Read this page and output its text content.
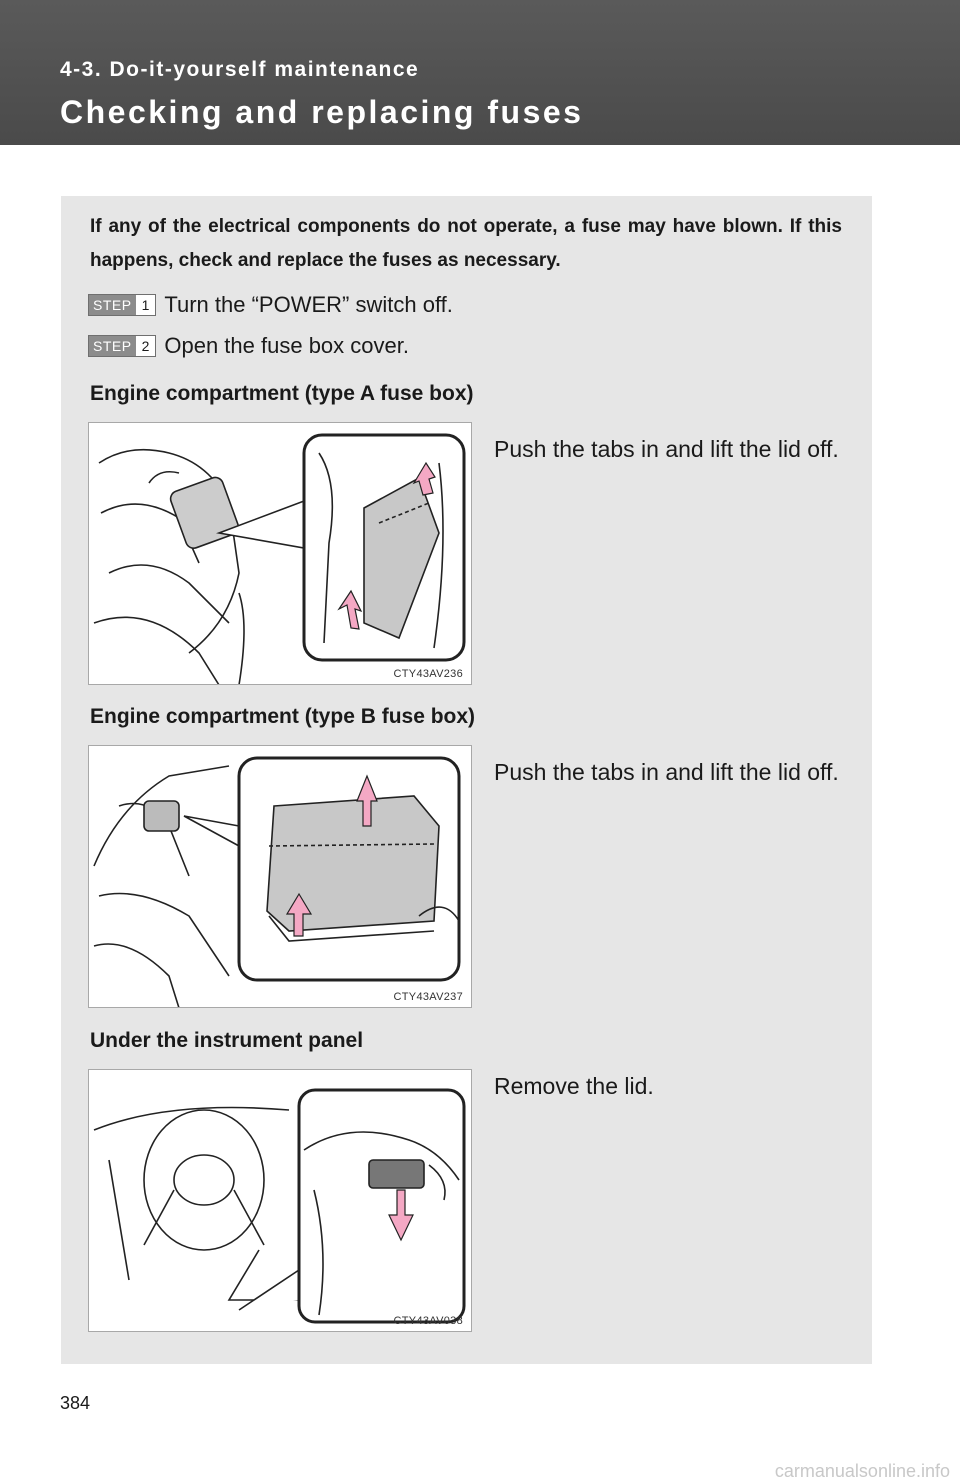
4-3. Do-it-yourself maintenance
Checking and replacing fuses
If any of the electrical components do not operate, a fuse may have blown. If this happens, check and replace the fuses as necessary.
STEP 1 Turn the “POWER” switch off.
STEP 2 Open the fuse box cover.
Engine compartment (type A fuse box)
Push the tabs in and lift the lid off.
CTY43AV236
Engine compartment (type B fuse box)
Push the tabs in and lift the lid off.
CTY43AV237
Under the instrument panel
Remove the lid.
CTY43AV038
384
carmanualsonline.info
